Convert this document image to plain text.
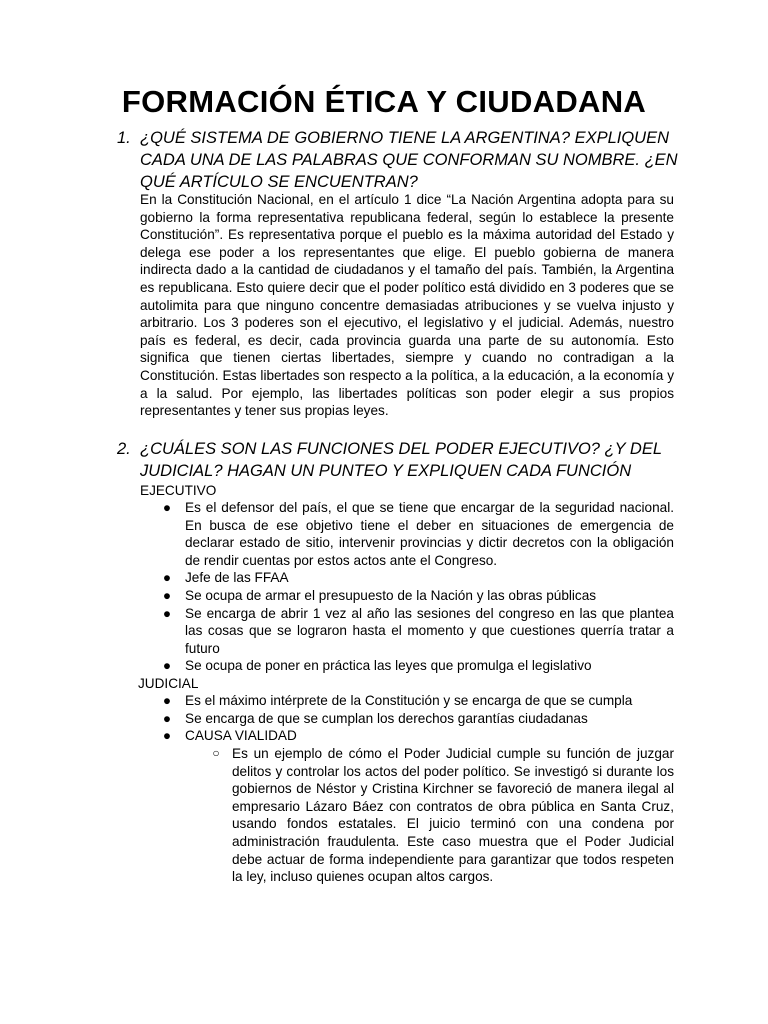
FORMACIÓN ÉTICA Y CIUDADANA
1. ¿QUÉ SISTEMA DE GOBIERNO TIENE LA ARGENTINA? EXPLIQUEN CADA UNA DE LAS PALABRAS QUE CONFORMAN SU NOMBRE. ¿EN QUÉ ARTÍCULO SE ENCUENTRAN?
En la Constitución Nacional, en el artículo 1 dice “La Nación Argentina adopta para su gobierno la forma representativa republicana federal, según lo establece la presente Constitución”. Es representativa porque el pueblo es la máxima autoridad del Estado y delega ese poder a los representantes que elige. El pueblo gobierna de manera indirecta dado a la cantidad de ciudadanos y el tamaño del país. También, la Argentina es republicana. Esto quiere decir que el poder político está dividido en 3 poderes que se autolimita para que ninguno concentre demasiadas atribuciones y se vuelva injusto y arbitrario. Los 3 poderes son el ejecutivo, el legislativo y el judicial. Además, nuestro país es federal, es decir, cada provincia guarda una parte de su autonomía. Esto significa que tienen ciertas libertades, siempre y cuando no contradigan a la Constitución. Estas libertades son respecto a la política, a la educación, a la economía y a la salud. Por ejemplo, las libertades políticas son poder elegir a sus propios representantes y tener sus propias leyes.
2. ¿CUÁLES SON LAS FUNCIONES DEL PODER EJECUTIVO? ¿Y DEL JUDICIAL? HAGAN UN PUNTEO Y EXPLIQUEN CADA FUNCIÓN
EJECUTIVO
● Es el defensor del país, el que se tiene que encargar de la seguridad nacional. En busca de ese objetivo tiene el deber en situaciones de emergencia de declarar estado de sitio, intervenir provincias y dictir decretos con la obligación de rendir cuentas por estos actos ante el Congreso.
● Jefe de las FFAA
● Se ocupa de armar el presupuesto de la Nación y las obras públicas
● Se encarga de abrir 1 vez al año las sesiones del congreso en las que plantea las cosas que se lograron hasta el momento y que cuestiones querría tratar a futuro
● Se ocupa de poner en práctica las leyes que promulga el legislativo
JUDICIAL
● Es el máximo intérprete de la Constitución y se encarga de que se cumpla
● Se encarga de que se cumplan los derechos garantías ciudadanas
● CAUSA VIALIDAD
○ Es un ejemplo de cómo el Poder Judicial cumple su función de juzgar delitos y controlar los actos del poder político. Se investigó si durante los gobiernos de Néstor y Cristina Kirchner se favoreció de manera ilegal al empresario Lázaro Báez con contratos de obra pública en Santa Cruz, usando fondos estatales. El juicio terminó con una condena por administración fraudulenta. Este caso muestra que el Poder Judicial debe actuar de forma independiente para garantizar que todos respeten la ley, incluso quienes ocupan altos cargos.
